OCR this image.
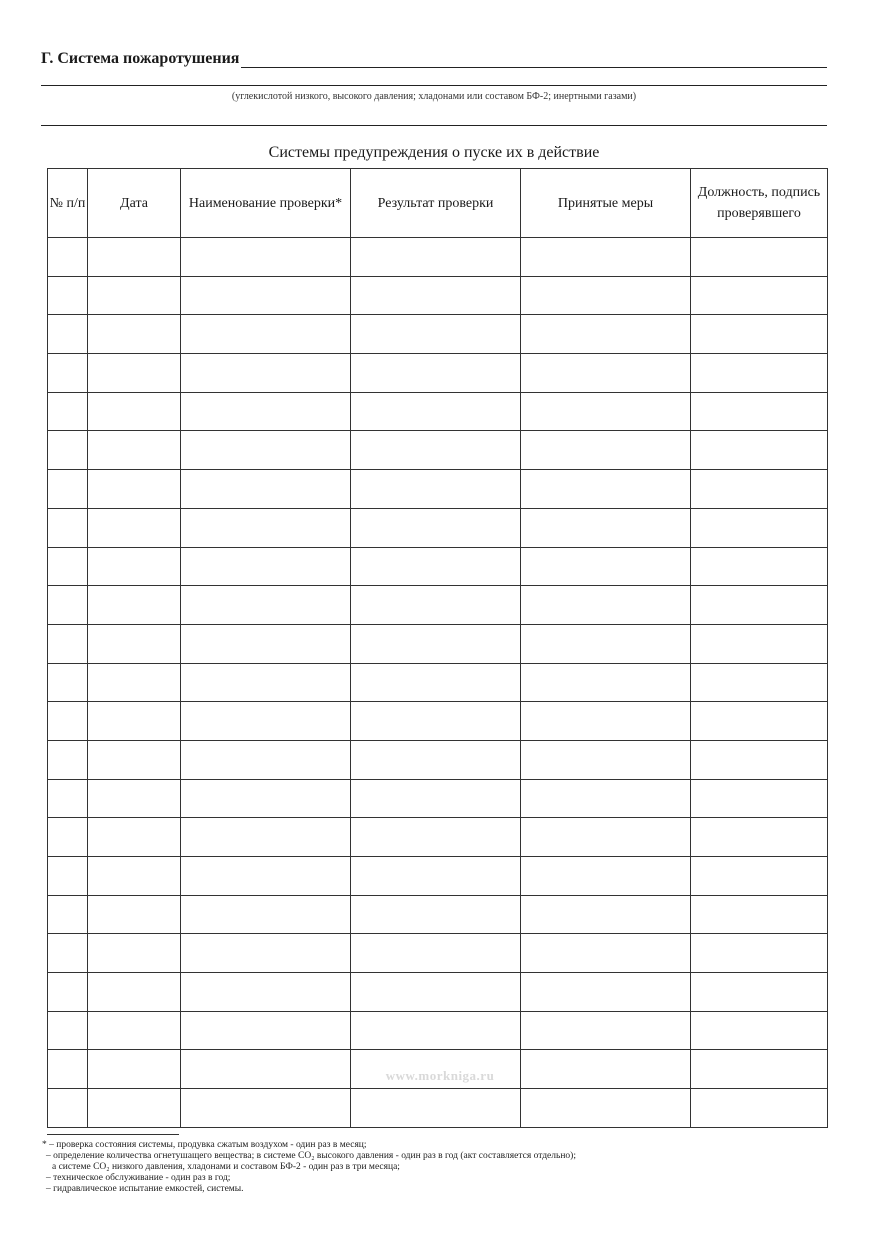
Г. Система пожаротушения
(углекислотой низкого, высокого давления; хладонами или составом БФ-2; инертными газами)
Системы предупреждения о пуске их в действие
№ п/п	Дата	Наименование проверки*	Результат проверки	Принятые меры	Должность, подпись проверявшего

www.morkniga.ru
* – проверка состояния системы, продувка сжатым воздухом - один раз в месяц;
– определение количества огнетушащего вещества; в системе CO₂ высокого давления - один раз в год (акт составляется отдельно);
а системе CO₂ низкого давления, хладонами и составом БФ-2 - один раз в три месяца;
– техническое обслуживание - один раз в год;
– гидравлическое испытание емкостей, системы.
